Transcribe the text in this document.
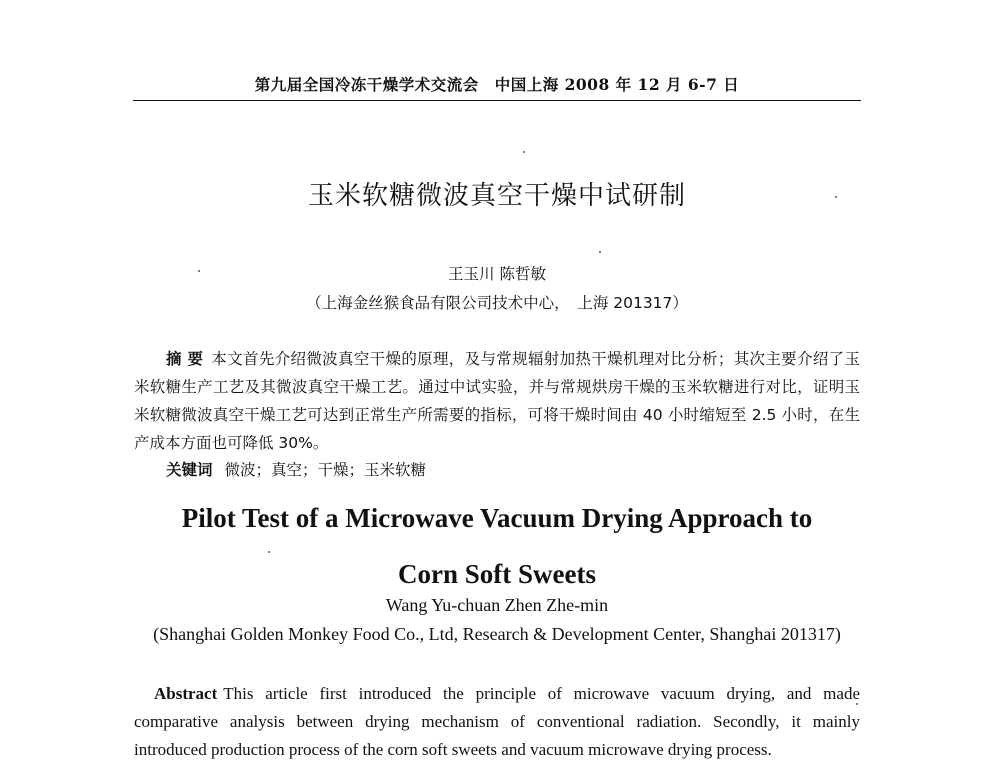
第九届全国冷冻干燥学术交流会　中国上海 2008 年 12 月 6-7 日
玉米软糖微波真空干燥中试研制
王玉川 陈哲敏
（上海金丝猴食品有限公司技术中心，　上海 201317）
摘 要 本文首先介绍微波真空干燥的原理，及与常规辐射加热干燥机理对比分析；其次主要介绍了玉米软糖生产工艺及其微波真空干燥工艺。通过中试实验，并与常规烘房干燥的玉米软糖进行对比，证明玉米软糖微波真空干燥工艺可达到正常生产所需要的指标，可将干燥时间由 40 小时缩短至 2.5 小时，在生产成本方面也可降低 30%。
关键词 微波；真空；干燥；玉米软糖
Pilot Test of a Microwave Vacuum Drying Approach to
Corn Soft Sweets
Wang Yu-chuan Zhen Zhe-min
(Shanghai Golden Monkey Food Co., Ltd, Research & Development Center, Shanghai 201317)
Abstract This article first introduced the principle of microwave vacuum drying, and made comparative analysis between drying mechanism of conventional radiation. Secondly, it mainly introduced production process of the corn soft sweets and vacuum microwave drying process.
